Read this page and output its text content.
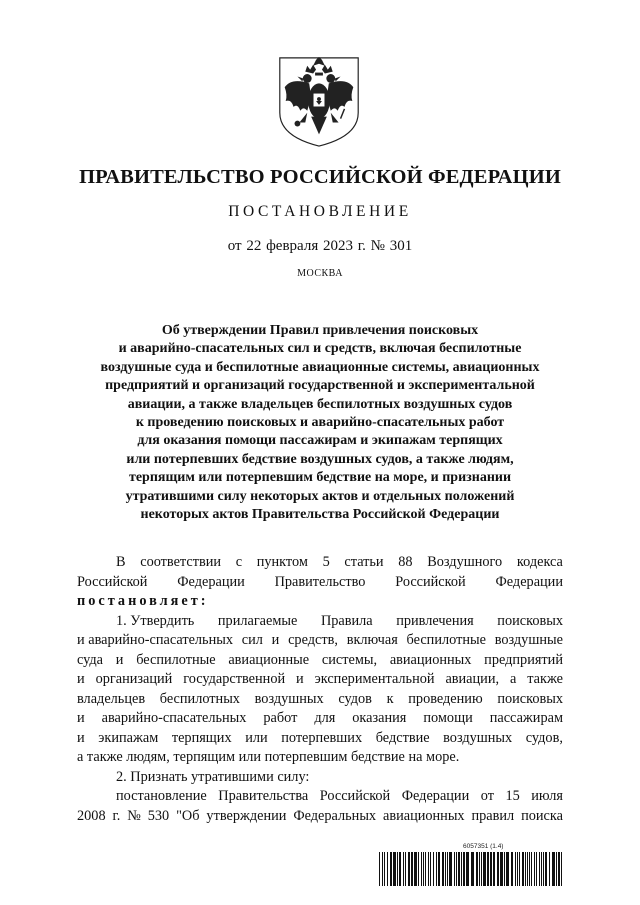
ПРАВИТЕЛЬСТВО РОССИЙСКОЙ ФЕДЕРАЦИИ
ПОСТАНОВЛЕНИЕ
от 22 февраля 2023 г. № 301
МОСКВА
Об утверждении Правил привлечения поисковых
и аварийно-спасательных сил и средств, включая беспилотные
воздушные суда и беспилотные авиационные системы, авиационных
предприятий и организаций государственной и экспериментальной
авиации, а также владельцев беспилотных воздушных судов
к проведению поисковых и аварийно-спасательных работ
для оказания помощи пассажирам и экипажам терпящих
или потерпевших бедствие воздушных судов, а также людям,
терпящим или потерпевшим бедствие на море, и признании
утратившими силу некоторых актов и отдельных положений
некоторых актов Правительства Российской Федерации
В соответствии с пунктом 5 статьи 88 Воздушного кодекса
Российской Федерации Правительство Российской Федерации
постановляет:
1. Утвердить прилагаемые Правила привлечения поисковых
и аварийно-спасательных сил и средств, включая беспилотные воздушные
суда и беспилотные авиационные системы, авиационных предприятий
и организаций государственной и экспериментальной авиации, а также
владельцев беспилотных воздушных судов к проведению поисковых
и аварийно-спасательных работ для оказания помощи пассажирам
и экипажам терпящих или потерпевших бедствие воздушных судов,
а также людям, терпящим или потерпевшим бедствие на море.
2. Признать утратившими силу:
постановление Правительства Российской Федерации от 15 июля
2008 г. № 530 "Об утверждении Федеральных авиационных правил поиска
6057351 (1.4)
